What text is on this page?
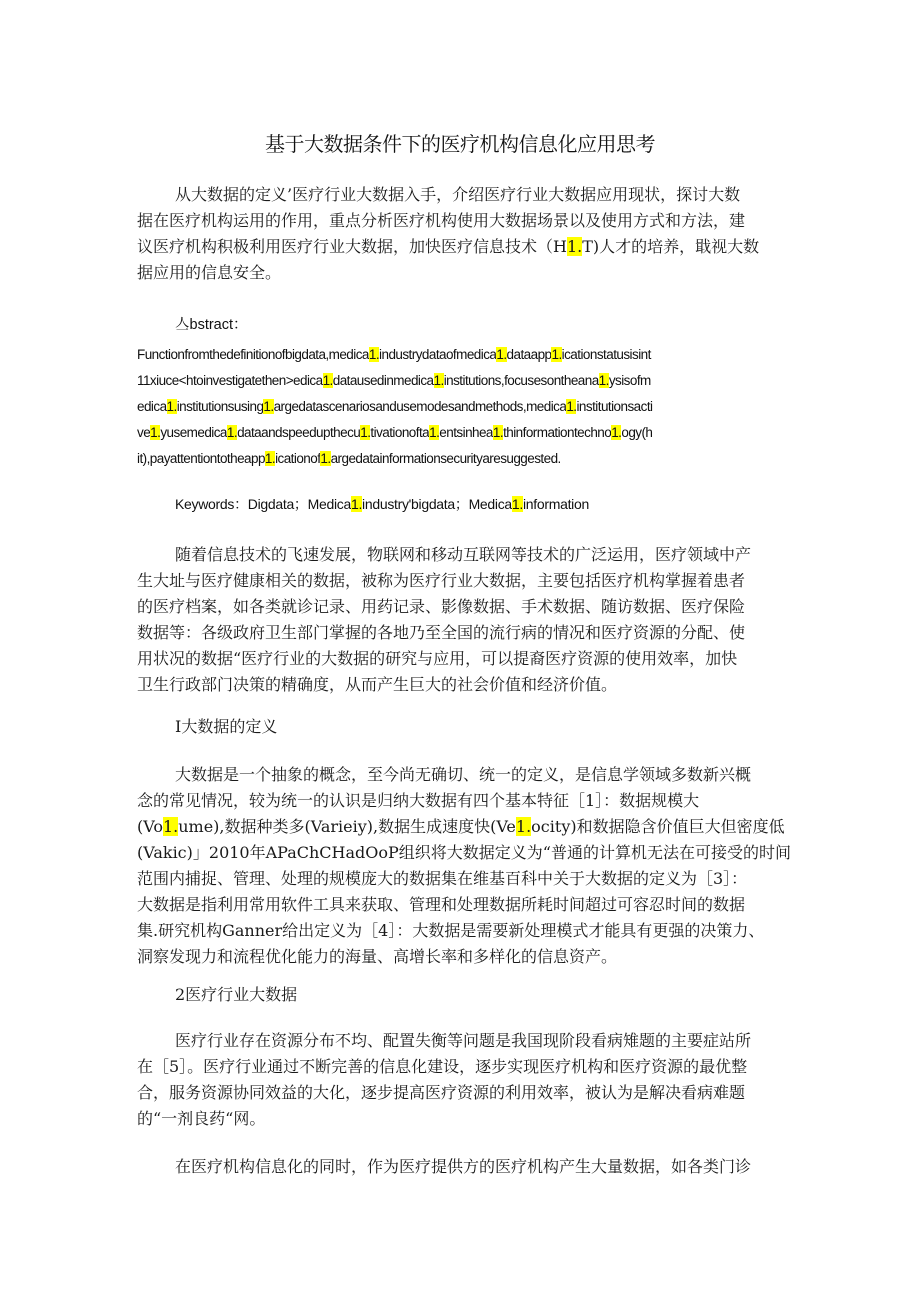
基于大数据条件下的医疗机构信息化应用思考
从大数据的定义’医疗行业大数据入手，介绍医疗行业大数据应用现状，探讨大数
据在医疗机构运用的作用，重点分析医疗机构使用大数据场景以及使用方式和方法，建
议医疗机构积极利用医疗行业大数据，加快医疗信息技术（H1.T)人才的培养，戢视大数
据应用的信息安全。
亼bstract：
Functionfromthedefinitionofbigdata,medica1.industrydataofmedica1.dataapp1.icationstatusisint
11xiuce<htoinvestigatethen>edica1.datausedinmedica1.institutions,focusesontheana1.ysisofm
edica1.institutionsusing1.argedatascenariosandusemodesandmethods,medica1.institutionsacti
ve1.yusemedica1.dataandspeedupthecu1.tivationofta1.entsinhea1.thinformationtechno1.ogy(h
it),payattentiontotheapp1.icationof1.argedatainformationsecurityaresuggested.
Keywords：Digdata；Medica1.industry'bigdata；Medica1.information
随着信息技术的飞速发展，物联网和移动互联网等技术的广泛运用，医疗领域中产
生大址与医疗健康相关的数据，被称为医疗行业大数据，主要包括医疗机构掌握着患者
的医疗档案，如各类就诊记录、用药记录、影像数据、手术数据、随访数据、医疗保险
数据等：各级政府卫生部门掌握的各地乃至全国的流行病的情况和医疗资源的分配、使
用状况的数据“医疗行业的大数据的研究与应用，可以提裔医疗资源的使用效率，加快
卫生行政部门决策的精确度，从而产生巨大的社会价值和经济价值。
I大数据的定义
大数据是一个抽象的概念，至今尚无确切、统一的定义，是信息学领域多数新兴概
念的常见情况，较为统一的认识是归纳大数据有四个基本特征［1］：数据规模大
(Vo1.ume),数据种类多(Varieiy),数据生成速度快(Ve1.ocity)和数据隐含价值巨大但密度低
(Vakic)」2010年APaChCHadOoP组织将大数据定义为“普通的计算机无法在可接受的时间
范围内捕捉、管理、处理的规模庞大的数据集在维基百科中关于大数据的定义为［3］：
大数据是指利用常用软件工具来获取、管理和处理数据所耗时间超过可容忍时间的数据
集.研究机构Ganner给出定义为［4］：大数据是需要新处理模式才能具有更强的决策力、
洞察发现力和流程优化能力的海量、高增长率和多样化的信息资产。
2医疗行业大数据
医疗行业存在资源分布不均、配置失衡等问题是我国现阶段看病雉题的主要症站所
在［5］。医疗行业通过不断完善的信息化建设，逐步实现医疗机构和医疗资源的最优整
合，服务资源协同效益的大化，逐步提高医疗资源的利用效率，被认为是解决看病难题
的“一剂良药“网。
在医疗机构信息化的同时，作为医疗提供方的医疗机构产生大量数据，如各类门诊
